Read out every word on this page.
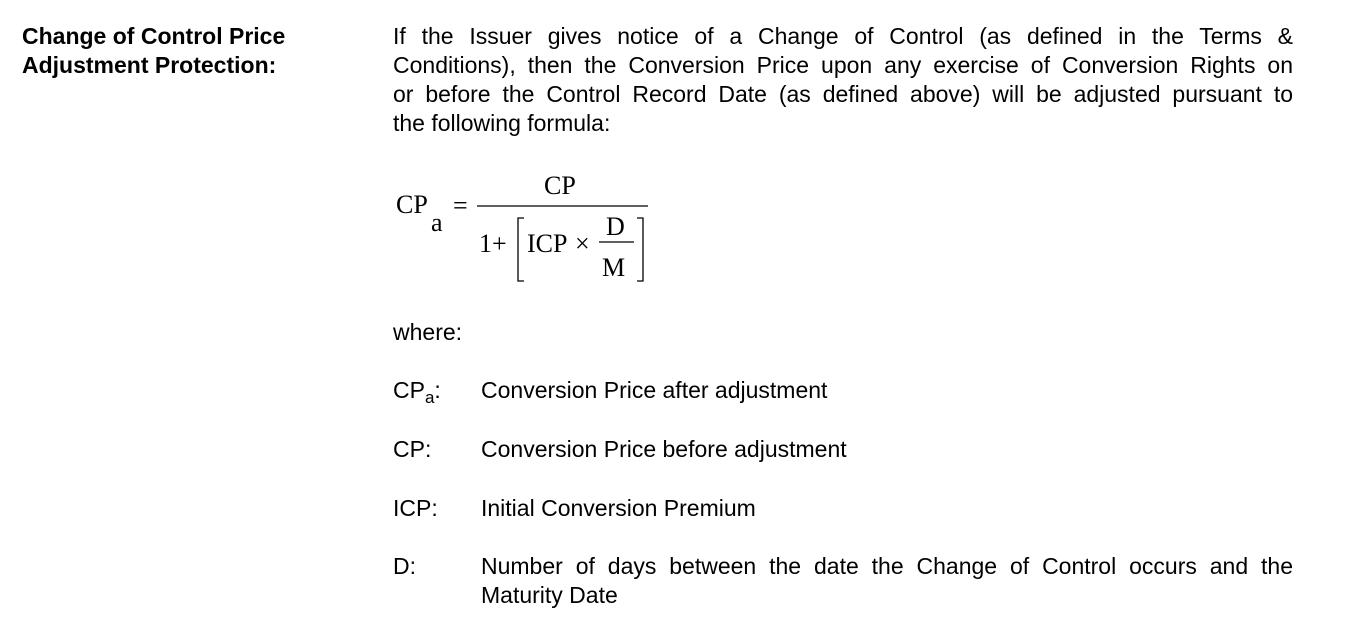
Change of Control Price
Adjustment Protection:
If the Issuer gives notice of a Change of Control (as defined in the Terms &
Conditions), then the Conversion Price upon any exercise of Conversion Rights on
or before the Control Record Date (as defined above) will be adjusted pursuant to
the following formula:
CP
a
=
CP
1+ ICP ×
D
M
where:
$CP_a$: Conversion Price after adjustment
CP: Conversion Price before adjustment
ICP: Initial Conversion Premium
D:	Number of days between the date the Change of Control occurs and the
Maturity Date
